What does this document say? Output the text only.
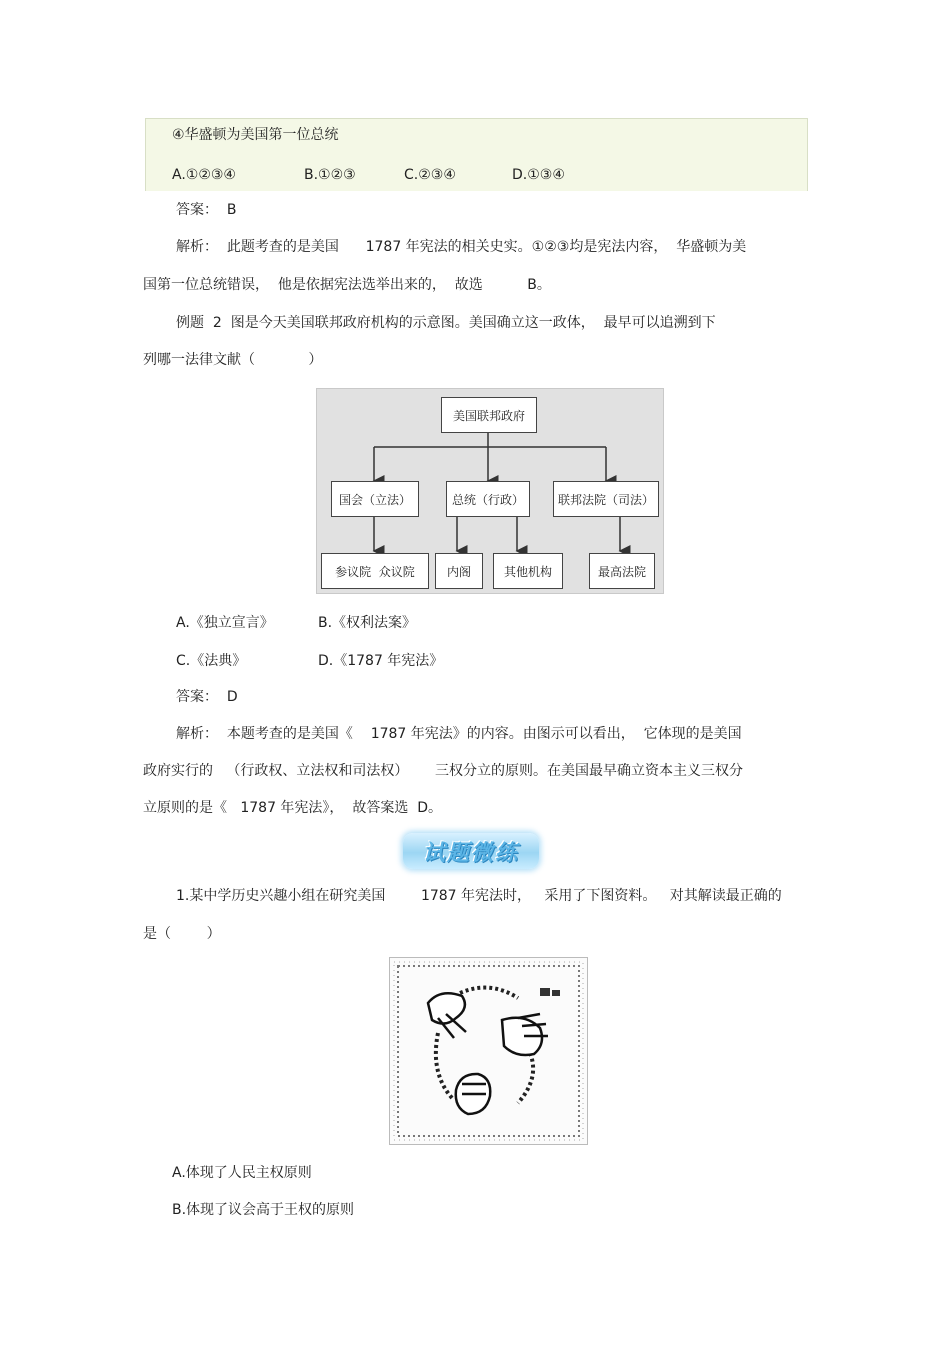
④华盛顿为美国第一位总统
A.①②③④	B.①②③	C.②③④	D.①③④
答案：  B
解析：  此题考查的是美国      1787 年宪法的相关史实。①②③均是宪法内容，  华盛顿为美
国第一位总统错误，  他是依据宪法选举出来的，  故选          B。
例题  2  图是今天美国联邦政府机构的示意图。美国确立这一政体，  最早可以追溯到下
列哪一法律文献（            ）
美国联邦政府
国会（立法）	总统（行政）	联邦法院（司法）
参议院  众议院	内阁	其他机构	最高法院
A.《独立宣言》	B.《权利法案》
C.《法典》	D.《1787 年宪法》
答案：  D
解析：  本题考查的是美国《    1787 年宪法》的内容。由图示可以看出，  它体现的是美国
政府实行的   （行政权、立法权和司法权）      三权分立的原则。在美国最早确立资本主义三权分
立原则的是《   1787 年宪法》，  故答案选  D。
试题微练
1.某中学历史兴趣小组在研究美国        1787 年宪法时，   采用了下图资料。   对其解读最正确的
是（        ）
A.体现了人民主权原则
B.体现了议会高于王权的原则
